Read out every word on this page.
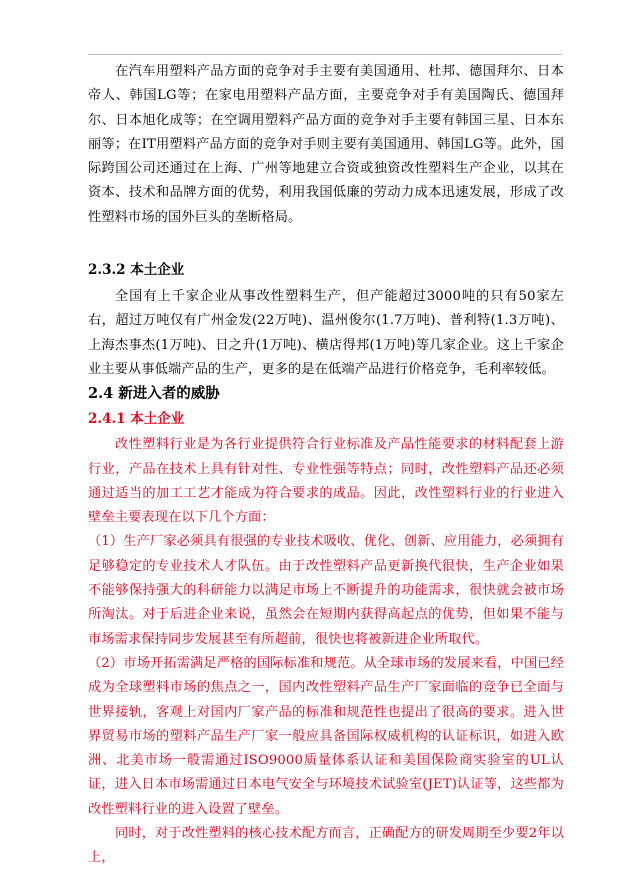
在汽车用塑料产品方面的竞争对手主要有美国通用、杜邦、德国拜尔、日本帝人、韩国LG等；在家电用塑料产品方面，主要竞争对手有美国陶氏、德国拜尔、日本旭化成等；在空调用塑料产品方面的竞争对手主要有韩国三星、日本东丽等；在IT用塑料产品方面的竞争对手则主要有美国通用、韩国LG等。此外，国际跨国公司还通过在上海、广州等地建立合资或独资改性塑料生产企业，以其在资本、技术和品牌方面的优势，利用我国低廉的劳动力成本迅速发展，形成了改性塑料市场的国外巨头的垄断格局。

2.3.2 本土企业

全国有上千家企业从事改性塑料生产，但产能超过3000吨的只有50家左右，超过万吨仅有广州金发(22万吨)、温州俊尔(1.7万吨)、普利特(1.3万吨)、上海杰事杰(1万吨)、日之升(1万吨)、横店得邦(1万吨)等几家企业。这上千家企业主要从事低端产品的生产，更多的是在低端产品进行价格竞争，毛利率较低。

2.4 新进入者的威胁
2.4.1 本土企业

改性塑料行业是为各行业提供符合行业标准及产品性能要求的材料配套上游行业，产品在技术上具有针对性、专业性强等特点；同时，改性塑料产品还必须通过适当的加工工艺才能成为符合要求的成品。因此，改性塑料行业的行业进入壁垒主要表现在以下几个方面：

（1）生产厂家必须具有很强的专业技术吸收、优化、创新、应用能力，必须拥有足够稳定的专业技术人才队伍。由于改性塑料产品更新换代很快，生产企业如果不能够保持强大的科研能力以满足市场上不断提升的功能需求，很快就会被市场所淘汰。对于后进企业来说，虽然会在短期内获得高起点的优势，但如果不能与市场需求保持同步发展甚至有所超前，很快也将被新进企业所取代。

（2）市场开拓需满足严格的国际标准和规范。从全球市场的发展来看，中国已经成为全球塑料市场的焦点之一，国内改性塑料产品生产厂家面临的竞争已全面与世界接轨，客观上对国内厂家产品的标准和规范性也提出了很高的要求。进入世界贸易市场的塑料产品生产厂家一般应具备国际权威机构的认证标识，如进入欧洲、北美市场一般需通过ISO9000质量体系认证和美国保险商实验室的UL认证，进入日本市场需通过日本电气安全与环境技术试验室(JET)认证等，这些都为改性塑料行业的进入设置了壁垒。

同时，对于改性塑料的核心技术配方而言，正确配方的研发周期至少要2年以上，
